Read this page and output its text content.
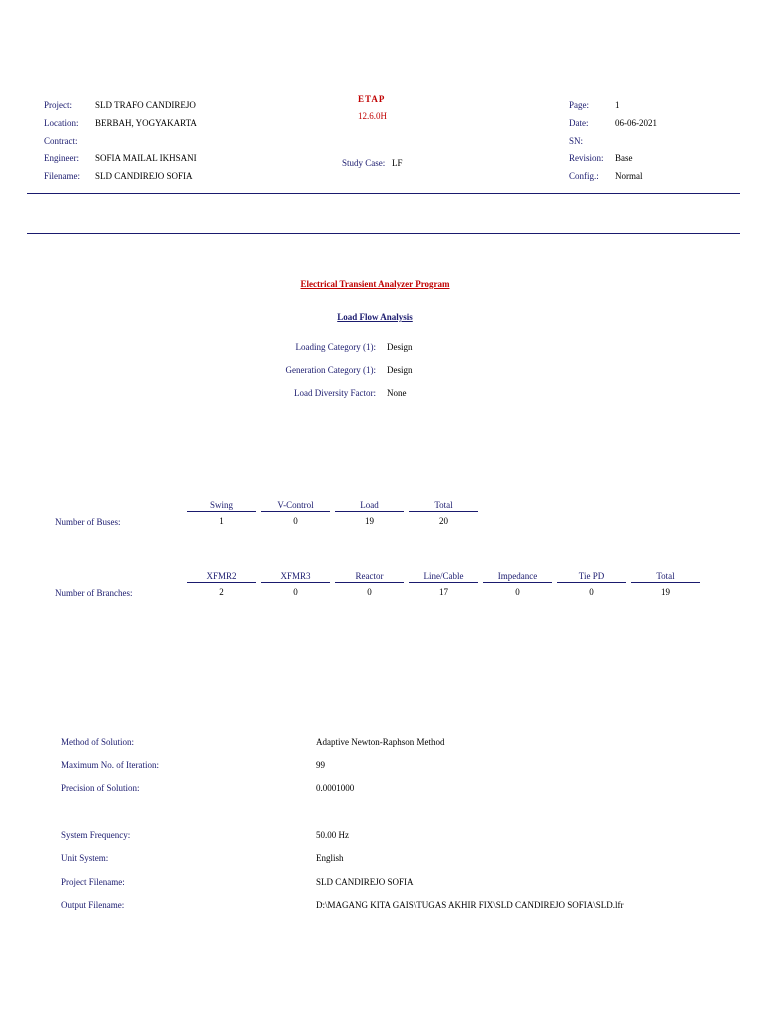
Project:	SLD TRAFO CANDIREJO
Location: BERBAH, YOGYAKARTA
Contract:
Engineer: SOFIA MAILAL IKHSANI
Filename: SLD CANDIREJO SOFIA
ETAP
12.6.0H
Study Case: LF
Page:	1
Date:	06-06-2021
SN:
Revision: Base
Config.: Normal
Electrical Transient Analyzer Program
Load Flow Analysis
Loading Category (1): Design
Generation Category (1): Design
Load Diversity Factor: None
Swing	V-Control	Load	Total
Number of Buses:	1	0	19	20
XFMR2	XFMR3	Reactor	Line/Cable	Impedance	Tie PD	Total
Number of Branches:	2	0	0	17	0	0	19
Method of Solution:	Adaptive Newton-Raphson Method
Maximum No. of Iteration:	99
Precision of Solution:	0.0001000
System Frequency:	50.00 Hz
Unit System:	English
Project Filename:	SLD CANDIREJO SOFIA
Output Filename:	D:\MAGANG KITA GAIS\TUGAS AKHIR FIX\SLD CANDIREJO SOFIA\SLD.lfr
